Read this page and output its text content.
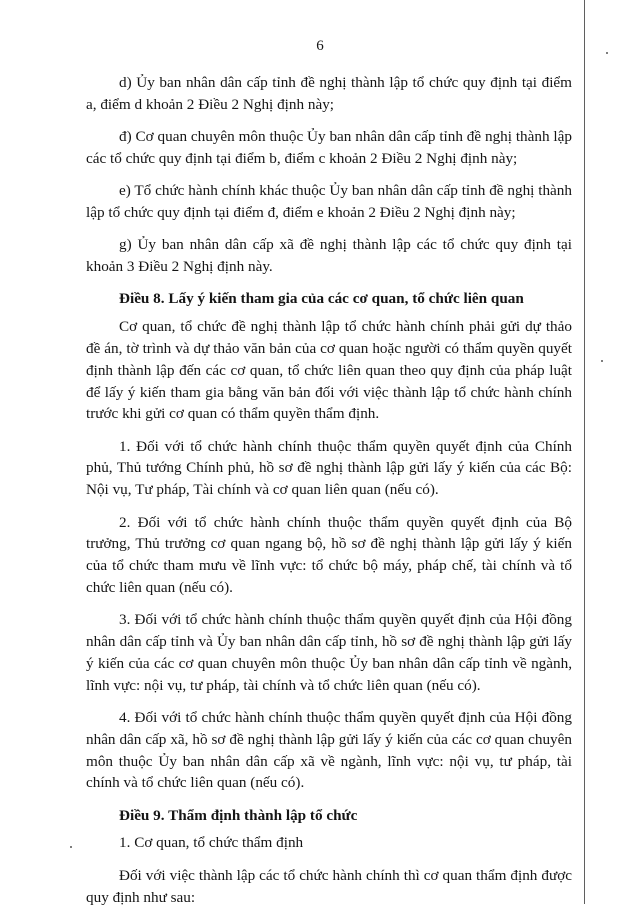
6

d) Ủy ban nhân dân cấp tỉnh đề nghị thành lập tổ chức quy định tại điểm a, điểm d khoản 2 Điều 2 Nghị định này;

đ) Cơ quan chuyên môn thuộc Ủy ban nhân dân cấp tỉnh đề nghị thành lập các tổ chức quy định tại điểm b, điểm c khoản 2 Điều 2 Nghị định này;

e) Tổ chức hành chính khác thuộc Ủy ban nhân dân cấp tỉnh đề nghị thành lập tổ chức quy định tại điểm đ, điểm e khoản 2 Điều 2 Nghị định này;

g) Ủy ban nhân dân cấp xã đề nghị thành lập các tổ chức quy định tại khoản 3 Điều 2 Nghị định này.

Điều 8. Lấy ý kiến tham gia của các cơ quan, tổ chức liên quan

Cơ quan, tổ chức đề nghị thành lập tổ chức hành chính phải gửi dự thảo đề án, tờ trình và dự thảo văn bản của cơ quan hoặc người có thẩm quyền quyết định thành lập đến các cơ quan, tổ chức liên quan theo quy định của pháp luật để lấy ý kiến tham gia bằng văn bản đối với việc thành lập tổ chức hành chính trước khi gửi cơ quan có thẩm quyền thẩm định.

1. Đối với tổ chức hành chính thuộc thẩm quyền quyết định của Chính phủ, Thủ tướng Chính phủ, hồ sơ đề nghị thành lập gửi lấy ý kiến của các Bộ: Nội vụ, Tư pháp, Tài chính và cơ quan liên quan (nếu có).

2. Đối với tổ chức hành chính thuộc thẩm quyền quyết định của Bộ trưởng, Thủ trưởng cơ quan ngang bộ, hồ sơ đề nghị thành lập gửi lấy ý kiến của tổ chức tham mưu về lĩnh vực: tổ chức bộ máy, pháp chế, tài chính và tổ chức liên quan (nếu có).

3. Đối với tổ chức hành chính thuộc thẩm quyền quyết định của Hội đồng nhân dân cấp tỉnh và Ủy ban nhân dân cấp tỉnh, hồ sơ đề nghị thành lập gửi lấy ý kiến của các cơ quan chuyên môn thuộc Ủy ban nhân dân cấp tỉnh về ngành, lĩnh vực: nội vụ, tư pháp, tài chính và tổ chức liên quan (nếu có).

4. Đối với tổ chức hành chính thuộc thẩm quyền quyết định của Hội đồng nhân dân cấp xã, hồ sơ đề nghị thành lập gửi lấy ý kiến của các cơ quan chuyên môn thuộc Ủy ban nhân dân cấp xã về ngành, lĩnh vực: nội vụ, tư pháp, tài chính và tổ chức liên quan (nếu có).

Điều 9. Thẩm định thành lập tổ chức

1. Cơ quan, tổ chức thẩm định

Đối với việc thành lập các tổ chức hành chính thì cơ quan thẩm định được quy định như sau:
